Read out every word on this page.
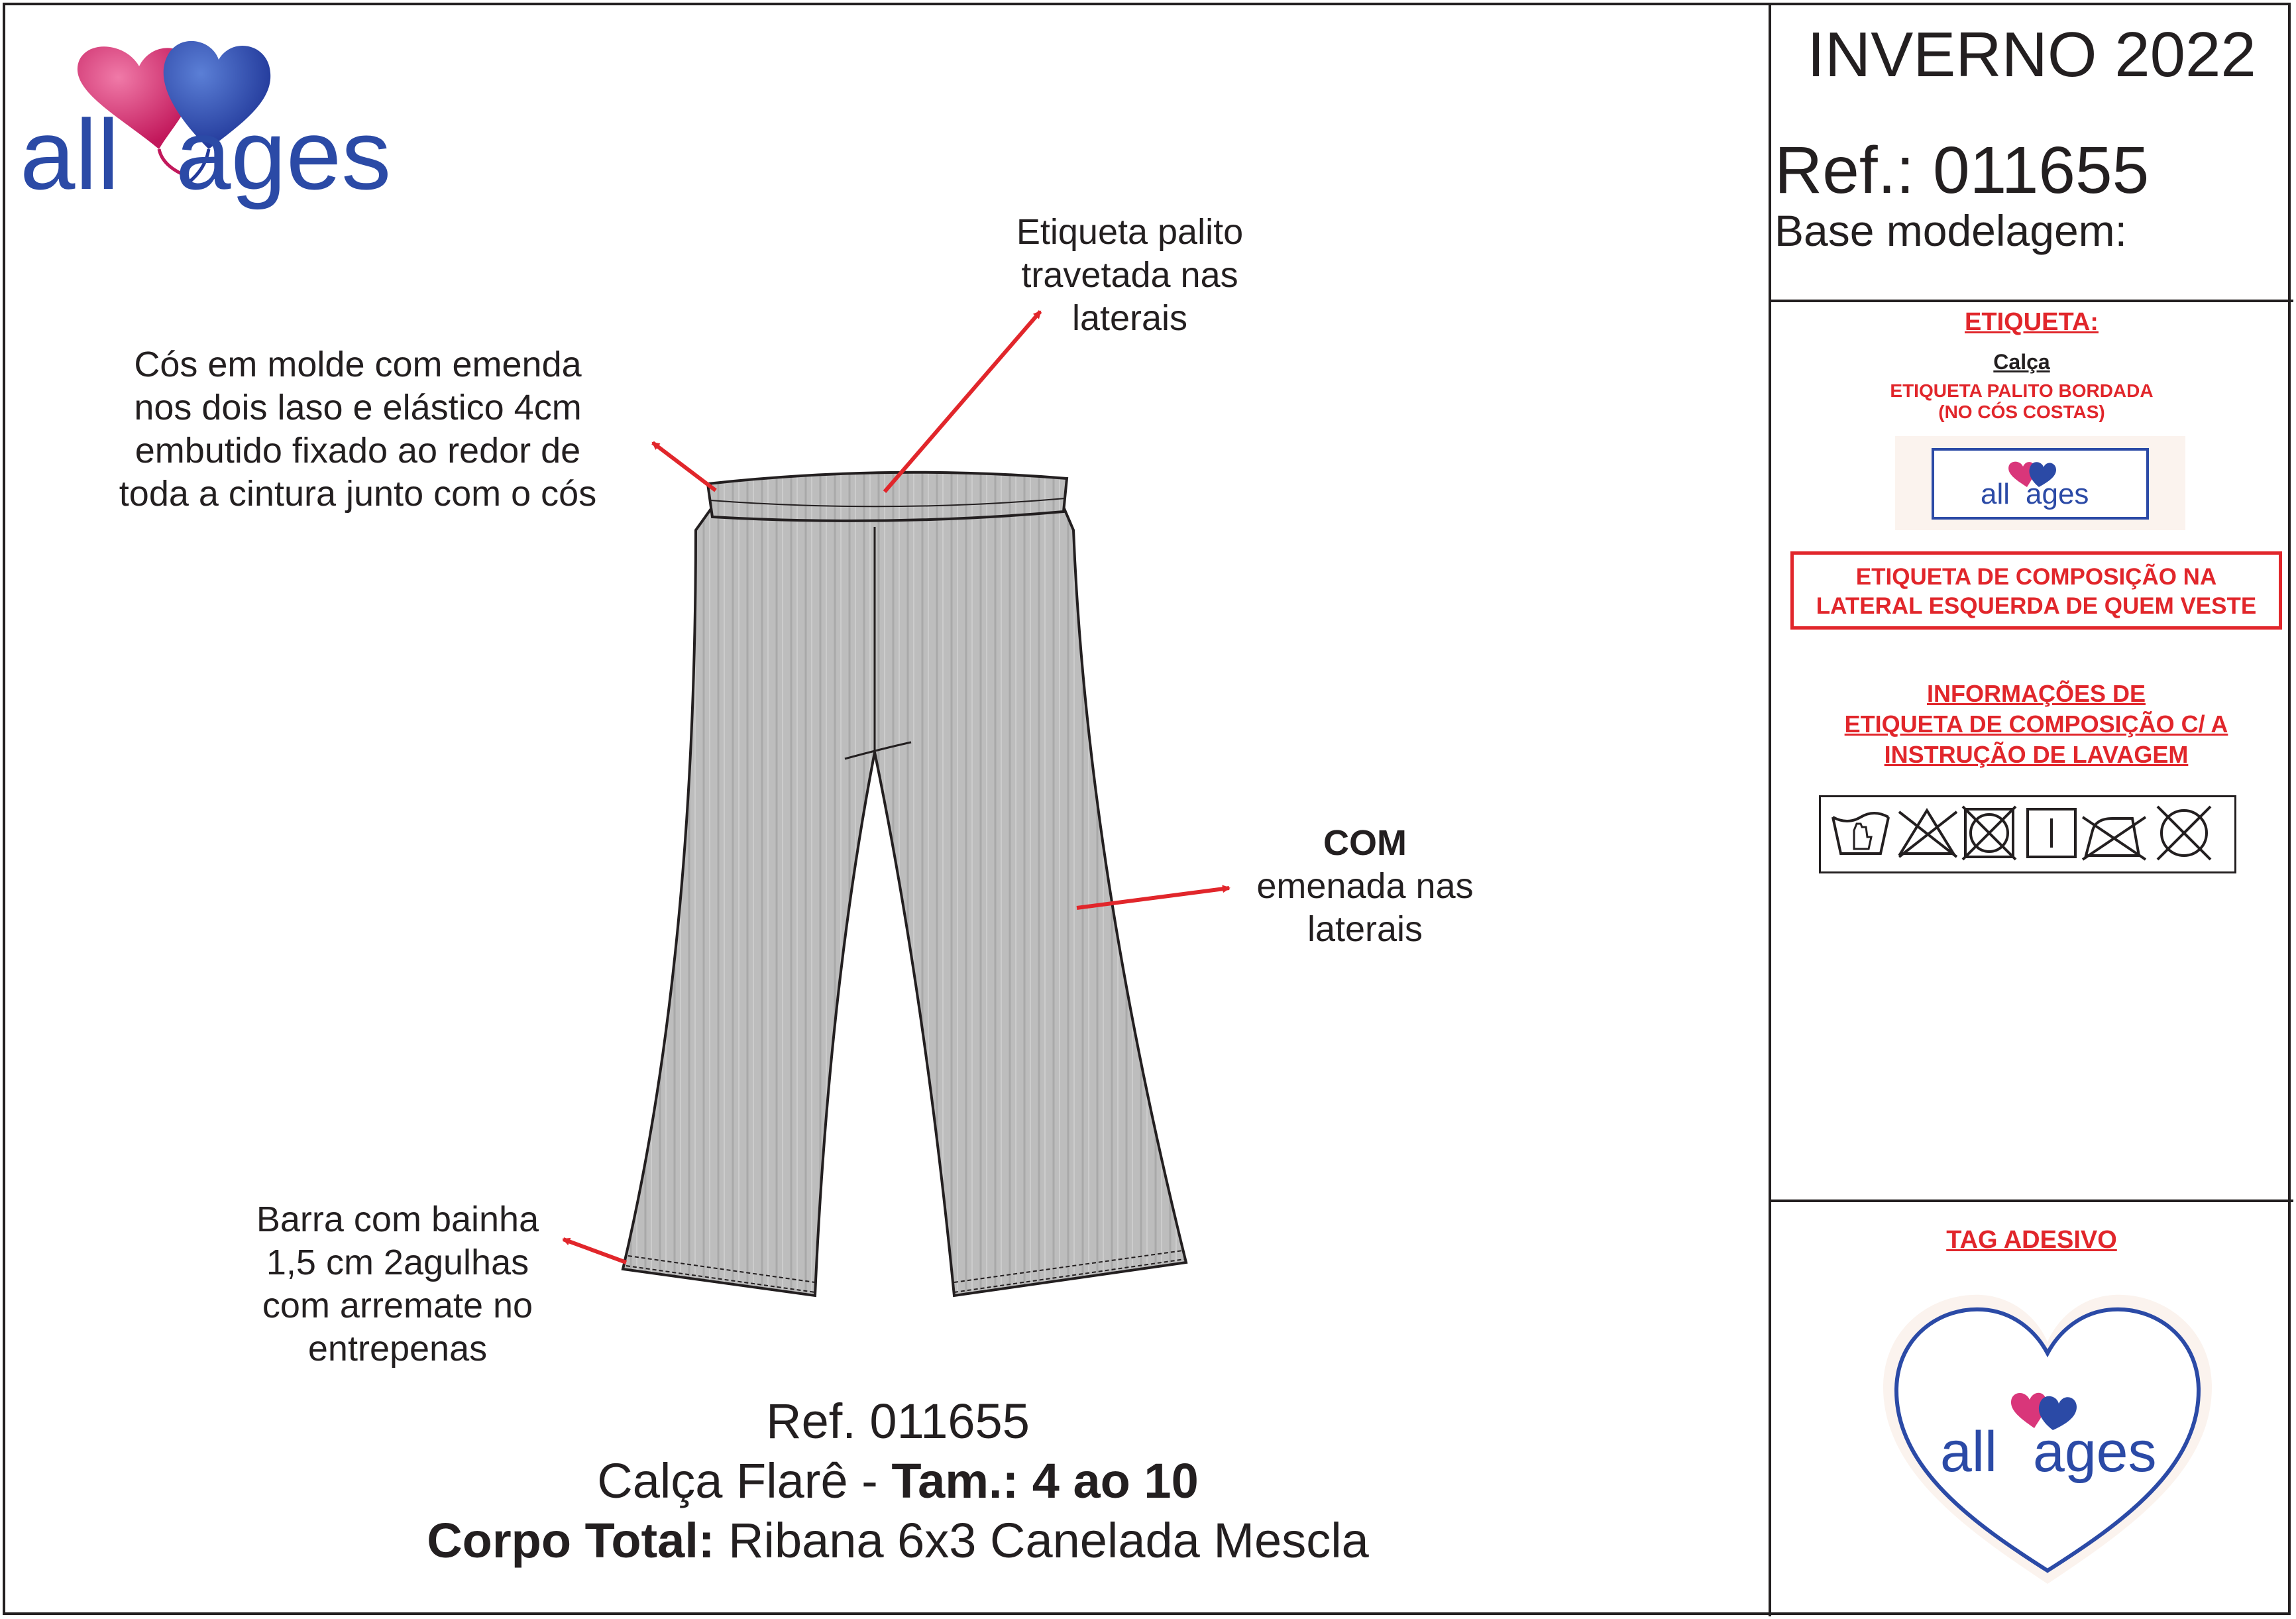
all ages
INVERNO 2022
Ref.: 011655
Base modelagem:
ETIQUETA:
Calça
ETIQUETA PALITO BORDADA
(NO CÓS COSTAS)
all ages
ETIQUETA DE COMPOSIÇÃO NA
LATERAL ESQUERDA DE QUEM VESTE
INFORMAÇÕES DE
ETIQUETA DE COMPOSIÇÃO C/ A
INSTRUÇÃO DE LAVAGEM
TAG ADESIVO
all ages
Cós em molde com emenda
nos dois laso e elástico 4cm
embutido fixado ao redor de
toda a cintura junto com o cós
Etiqueta palito
travetada nas
laterais
COM
emenada nas
laterais
Barra com bainha
1,5 cm 2agulhas
com arremate no
entrepenas
Ref. 011655
Calça Flarê - Tam.: 4 ao 10
Corpo Total: Ribana 6x3 Canelada Mescla
